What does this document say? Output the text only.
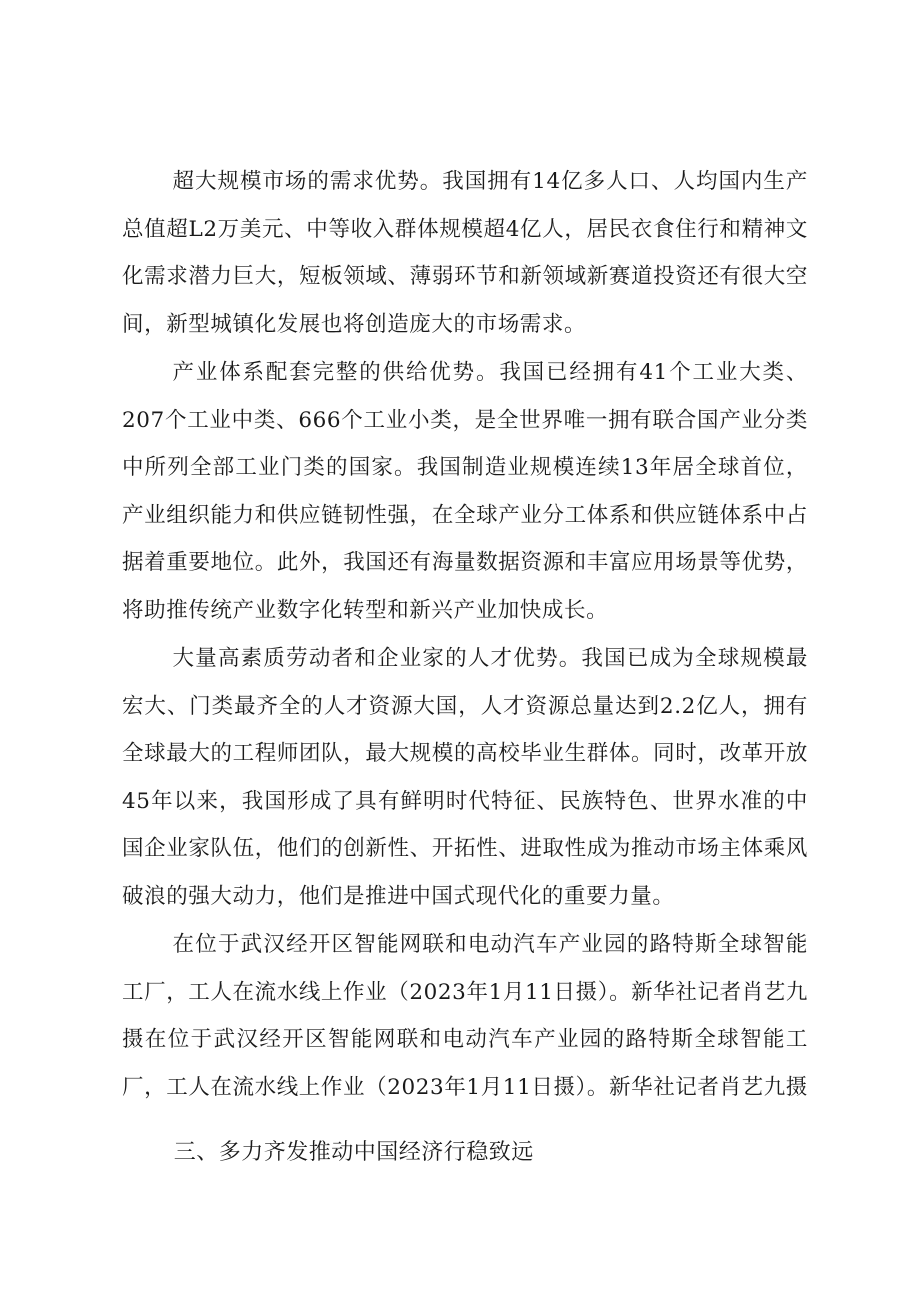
超大规模市场的需求优势。我国拥有14亿多人口、人均国内生产总值超L2万美元、中等收入群体规模超4亿人，居民衣食住行和精神文化需求潜力巨大，短板领域、薄弱环节和新领域新赛道投资还有很大空间，新型城镇化发展也将创造庞大的市场需求。

产业体系配套完整的供给优势。我国已经拥有41个工业大类、207个工业中类、666个工业小类，是全世界唯一拥有联合国产业分类中所列全部工业门类的国家。我国制造业规模连续13年居全球首位，产业组织能力和供应链韧性强，在全球产业分工体系和供应链体系中占据着重要地位。此外，我国还有海量数据资源和丰富应用场景等优势，将助推传统产业数字化转型和新兴产业加快成长。

大量高素质劳动者和企业家的人才优势。我国已成为全球规模最宏大、门类最齐全的人才资源大国，人才资源总量达到2.2亿人，拥有全球最大的工程师团队，最大规模的高校毕业生群体。同时，改革开放45年以来，我国形成了具有鲜明时代特征、民族特色、世界水准的中国企业家队伍，他们的创新性、开拓性、进取性成为推动市场主体乘风破浪的强大动力，他们是推进中国式现代化的重要力量。

在位于武汉经开区智能网联和电动汽车产业园的路特斯全球智能工厂，工人在流水线上作业（2023年1月11日摄）。新华社记者肖艺九摄在位于武汉经开区智能网联和电动汽车产业园的路特斯全球智能工厂，工人在流水线上作业（2023年1月11日摄）。新华社记者肖艺九摄

三、多力齐发推动中国经济行稳致远
